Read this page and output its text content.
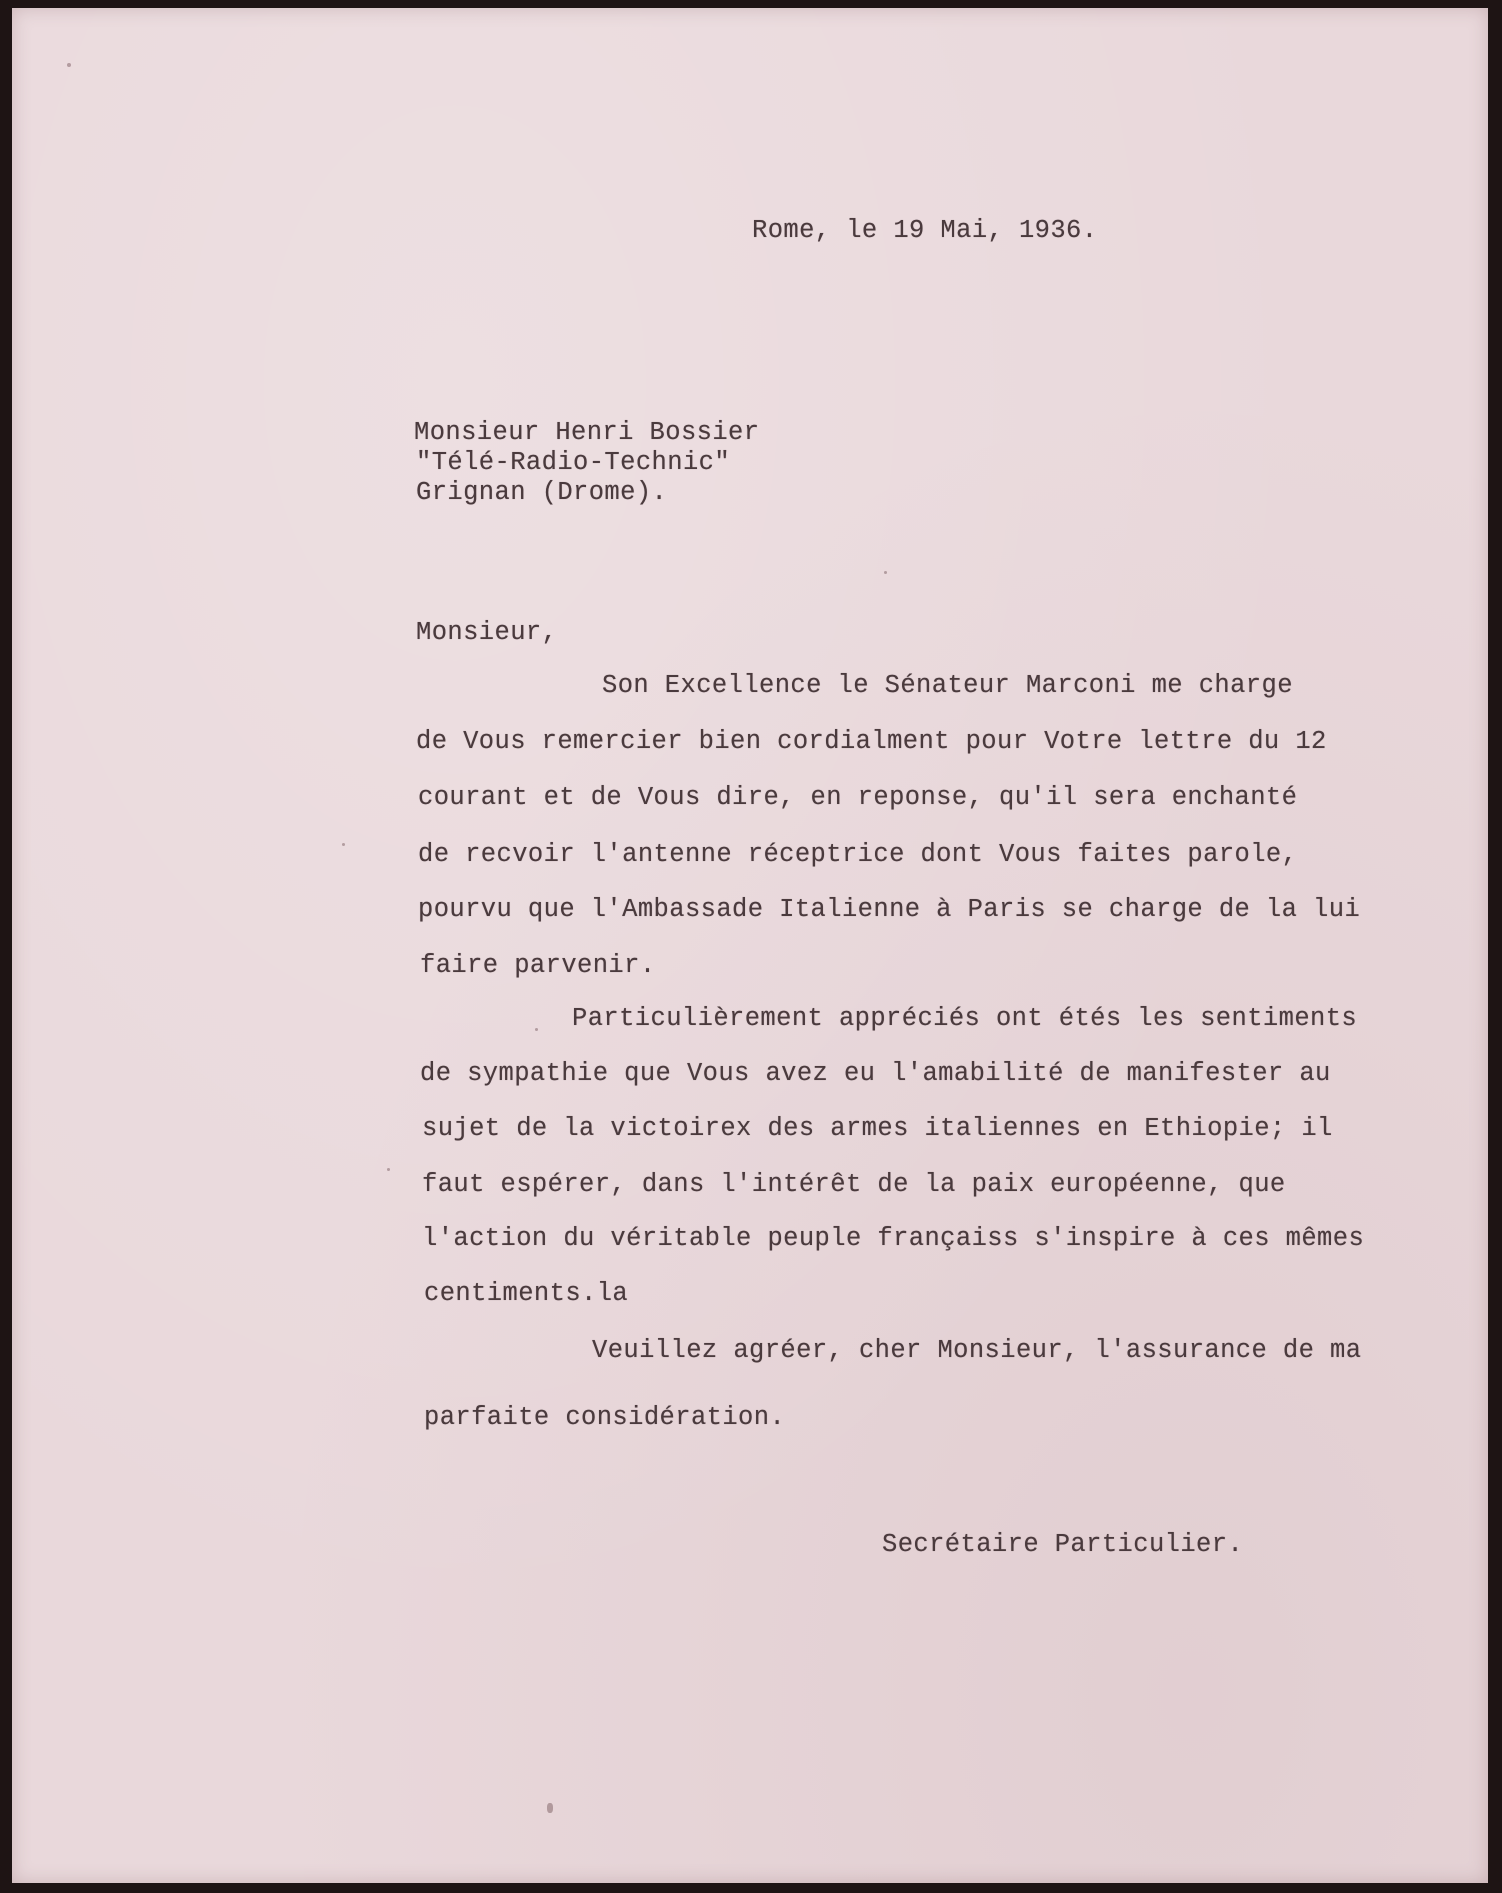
Rome, le 19 Mai, 1936.

Monsieur Henri Bossier

"Télé-Radio-Technic"

Grignan (Drome).

Monsieur,

Son Excellence le Sénateur Marconi me charge

de Vous remercier bien cordialment pour Votre lettre du 12

courant et de Vous dire, en reponse, qu'il sera enchanté

de recvoir l'antenne réceptrice dont Vous faites parole,

pourvu que l'Ambassade Italienne à Paris se charge de la lui

faire parvenir.

Particulièrement appréciés ont étés les sentiments

de sympathie que Vous avez eu l'amabilité de manifester au

sujet de la victoirex des armes italiennes en Ethiopie; il

faut espérer, dans l'intérêt de la paix européenne, que

l'action du véritable peuple françaiss s'inspire à ces mêmes

centiments.la

Veuillez agréer, cher Monsieur, l'assurance de ma

parfaite considération.

Secrétaire Particulier.
